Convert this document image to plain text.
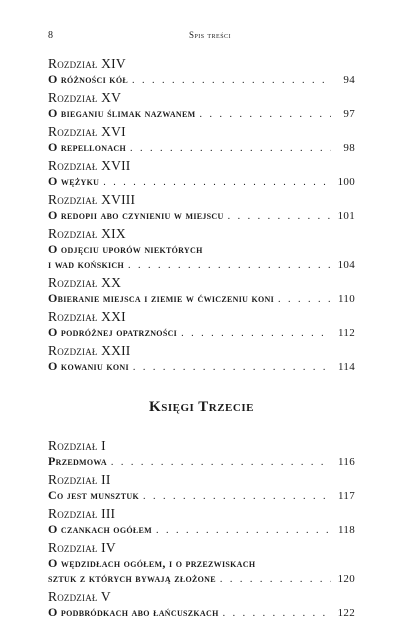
8	Spis treści
Rozdział XIV
O różności kół . . .	94
Rozdział XV
O bieganiu ślimak nazwanem . . .	97
Rozdział XVI
O repellonach . . .	98
Rozdział XVII
O wężyku . . .	100
Rozdział XVIII
O redopii abo czynieniu w miejscu . . .	101
Rozdział XIX
O odjęciu uporów niektórych
i wad końskich . . .	104
Rozdział XX
Obieranie miejsca i ziemie w ćwiczeniu koni . . .	110
Rozdział XXI
O podróżnej opatrzności . . .	112
Rozdział XXII
O kowaniu koni . . .	114
Księgi Trzecie
Rozdział I
Przedmowa . . .	116
Rozdział II
Co jest munsztuk . . .	117
Rozdział III
O czankach ogółem . . .	118
Rozdział IV
O wędzidłach ogółem, i o przezwiskach
sztuk z których bywają złożone . . .	120
Rozdział V
O podbródkach abo łańcuszkach . . .	122
